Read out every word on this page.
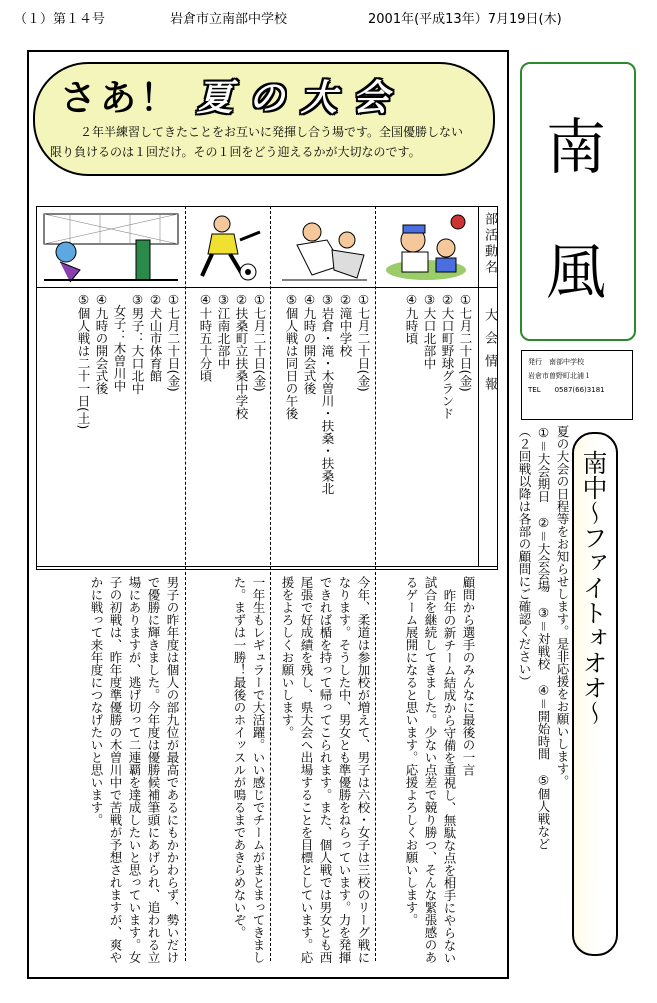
（１）第１４号	岩倉市立南部中学校	2001年(平成13年）7月19日(木)
さあ！ 夏の大会
２年半練習してきたことをお互いに発揮し合う場です。全国優勝しない限り負けるのは１回だけ。その１回をどう迎えるかが大切なのです。
部活動名
大会情報
①七月二十日(金)
②大口町野球グランド
③大口北部中
④九時頃
①七月二十日(金)
②滝中学校
③岩倉・滝・木曽川・扶桑・扶桑北
④九時の開会式後
⑤個人戦は同日の午後
①七月二十日(金)
②扶桑町立扶桑中学校
③江南北部中
④十時五十分頃
①七月二十日(金)
②犬山市体育館
③男子：大口北中
　女子：木曽川中
④九時の開会式後
⑤個人戦は二十一日(土)
顧問から選手のみんなに最後の一言
昨年の新チーム結成から守備を重視し、無駄な点を相手にやらない試合を継続してきました。少ない点差で競り勝つ、そんな緊張感のあるゲーム展開になると思います。応援よろしくお願いします。
今年、柔道は参加校が増えて、男子は六校・女子は三校のリーグ戦になります。そうした中、男女とも準優勝をねらっています。力を発揮できれば楯を持って帰ってこられます。また、個人戦では男女とも西尾張で好成績を残し、県大会へ出場することを目標としています。応援をよろしくお願いします。
一年生もレギュラーで大活躍。いい感じでチームがまとまってきました。まずは一勝！最後のホイッスルが鳴るまであきらめないぞ。
男子の昨年度は個人の部九位が最高であるにもかかわらず、勢いだけで優勝に輝きました。今年度は優勝候補筆頭にあげられ、追われる立場にありますが、逃げ切って二連覇を達成したいと思っています。女子の初戦は、昨年度準優勝の木曽川中で苦戦が予想されますが、爽やかに戦って来年度につなげたいと思います。
南
風
発行　南部中学校
岩倉市曽野町北浦１
TEL　　0587(66)3181
夏の大会の日程等をお知らせします。是非応援をお願いします。
①＝大会期日　②＝大会会場　③＝対戦校　④＝開始時間　⑤個人戦など
（２回戦以降は各部の顧問にご確認ください）	南中～ファイトォオオ～
